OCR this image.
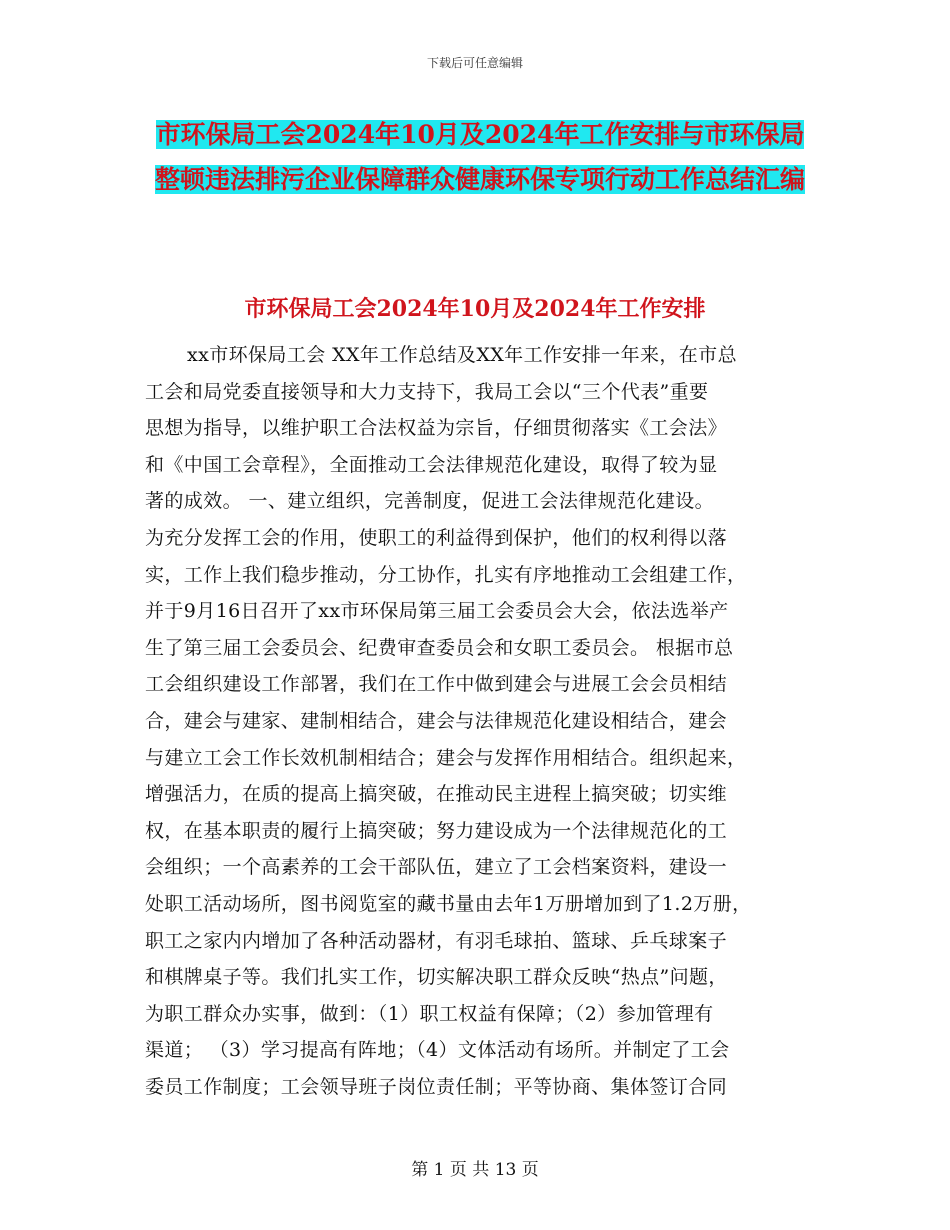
下载后可任意编辑
市环保局工会2024年10月及2024年工作安排与市环保局整顿违法排污企业保障群众健康环保专项行动工作总结汇编
市环保局工会2024年10月及2024年工作安排
xx市环保局工会 XX年工作总结及XX年工作安排一年来，在市总
工会和局党委直接领导和大力支持下，我局工会以“三个代表”重要
思想为指导，以维护职工合法权益为宗旨，仔细贯彻落实《工会法》
和《中国工会章程》，全面推动工会法律规范化建设，取得了较为显
著的成效。 一、建立组织，完善制度，促进工会法律规范化建设。
为充分发挥工会的作用，使职工的利益得到保护，他们的权利得以落
实，工作上我们稳步推动，分工协作，扎实有序地推动工会组建工作，
并于9月16日召开了xx市环保局第三届工会委员会大会，依法选举产
生了第三届工会委员会、纪费审查委员会和女职工委员会。 根据市总
工会组织建设工作部署，我们在工作中做到建会与进展工会会员相结
合，建会与建家、建制相结合，建会与法律规范化建设相结合，建会
与建立工会工作长效机制相结合；建会与发挥作用相结合。组织起来，
增强活力，在质的提高上搞突破，在推动民主进程上搞突破；切实维
权，在基本职责的履行上搞突破；努力建设成为一个法律规范化的工
会组织；一个高素养的工会干部队伍，建立了工会档案资料，建设一
处职工活动场所，图书阅览室的藏书量由去年1万册增加到了1.2万册，
职工之家内内增加了各种活动器材，有羽毛球拍、篮球、乒乓球案子
和棋牌桌子等。我们扎实工作，切实解决职工群众反映“热点”问题，
为职工群众办实事，做到：（1）职工权益有保障；（2）参加管理有
渠道； （3）学习提高有阵地；（4）文体活动有场所。并制定了工会
委员工作制度；工会领导班子岗位责任制；平等协商、集体签订合同
第 1 页 共 13 页
